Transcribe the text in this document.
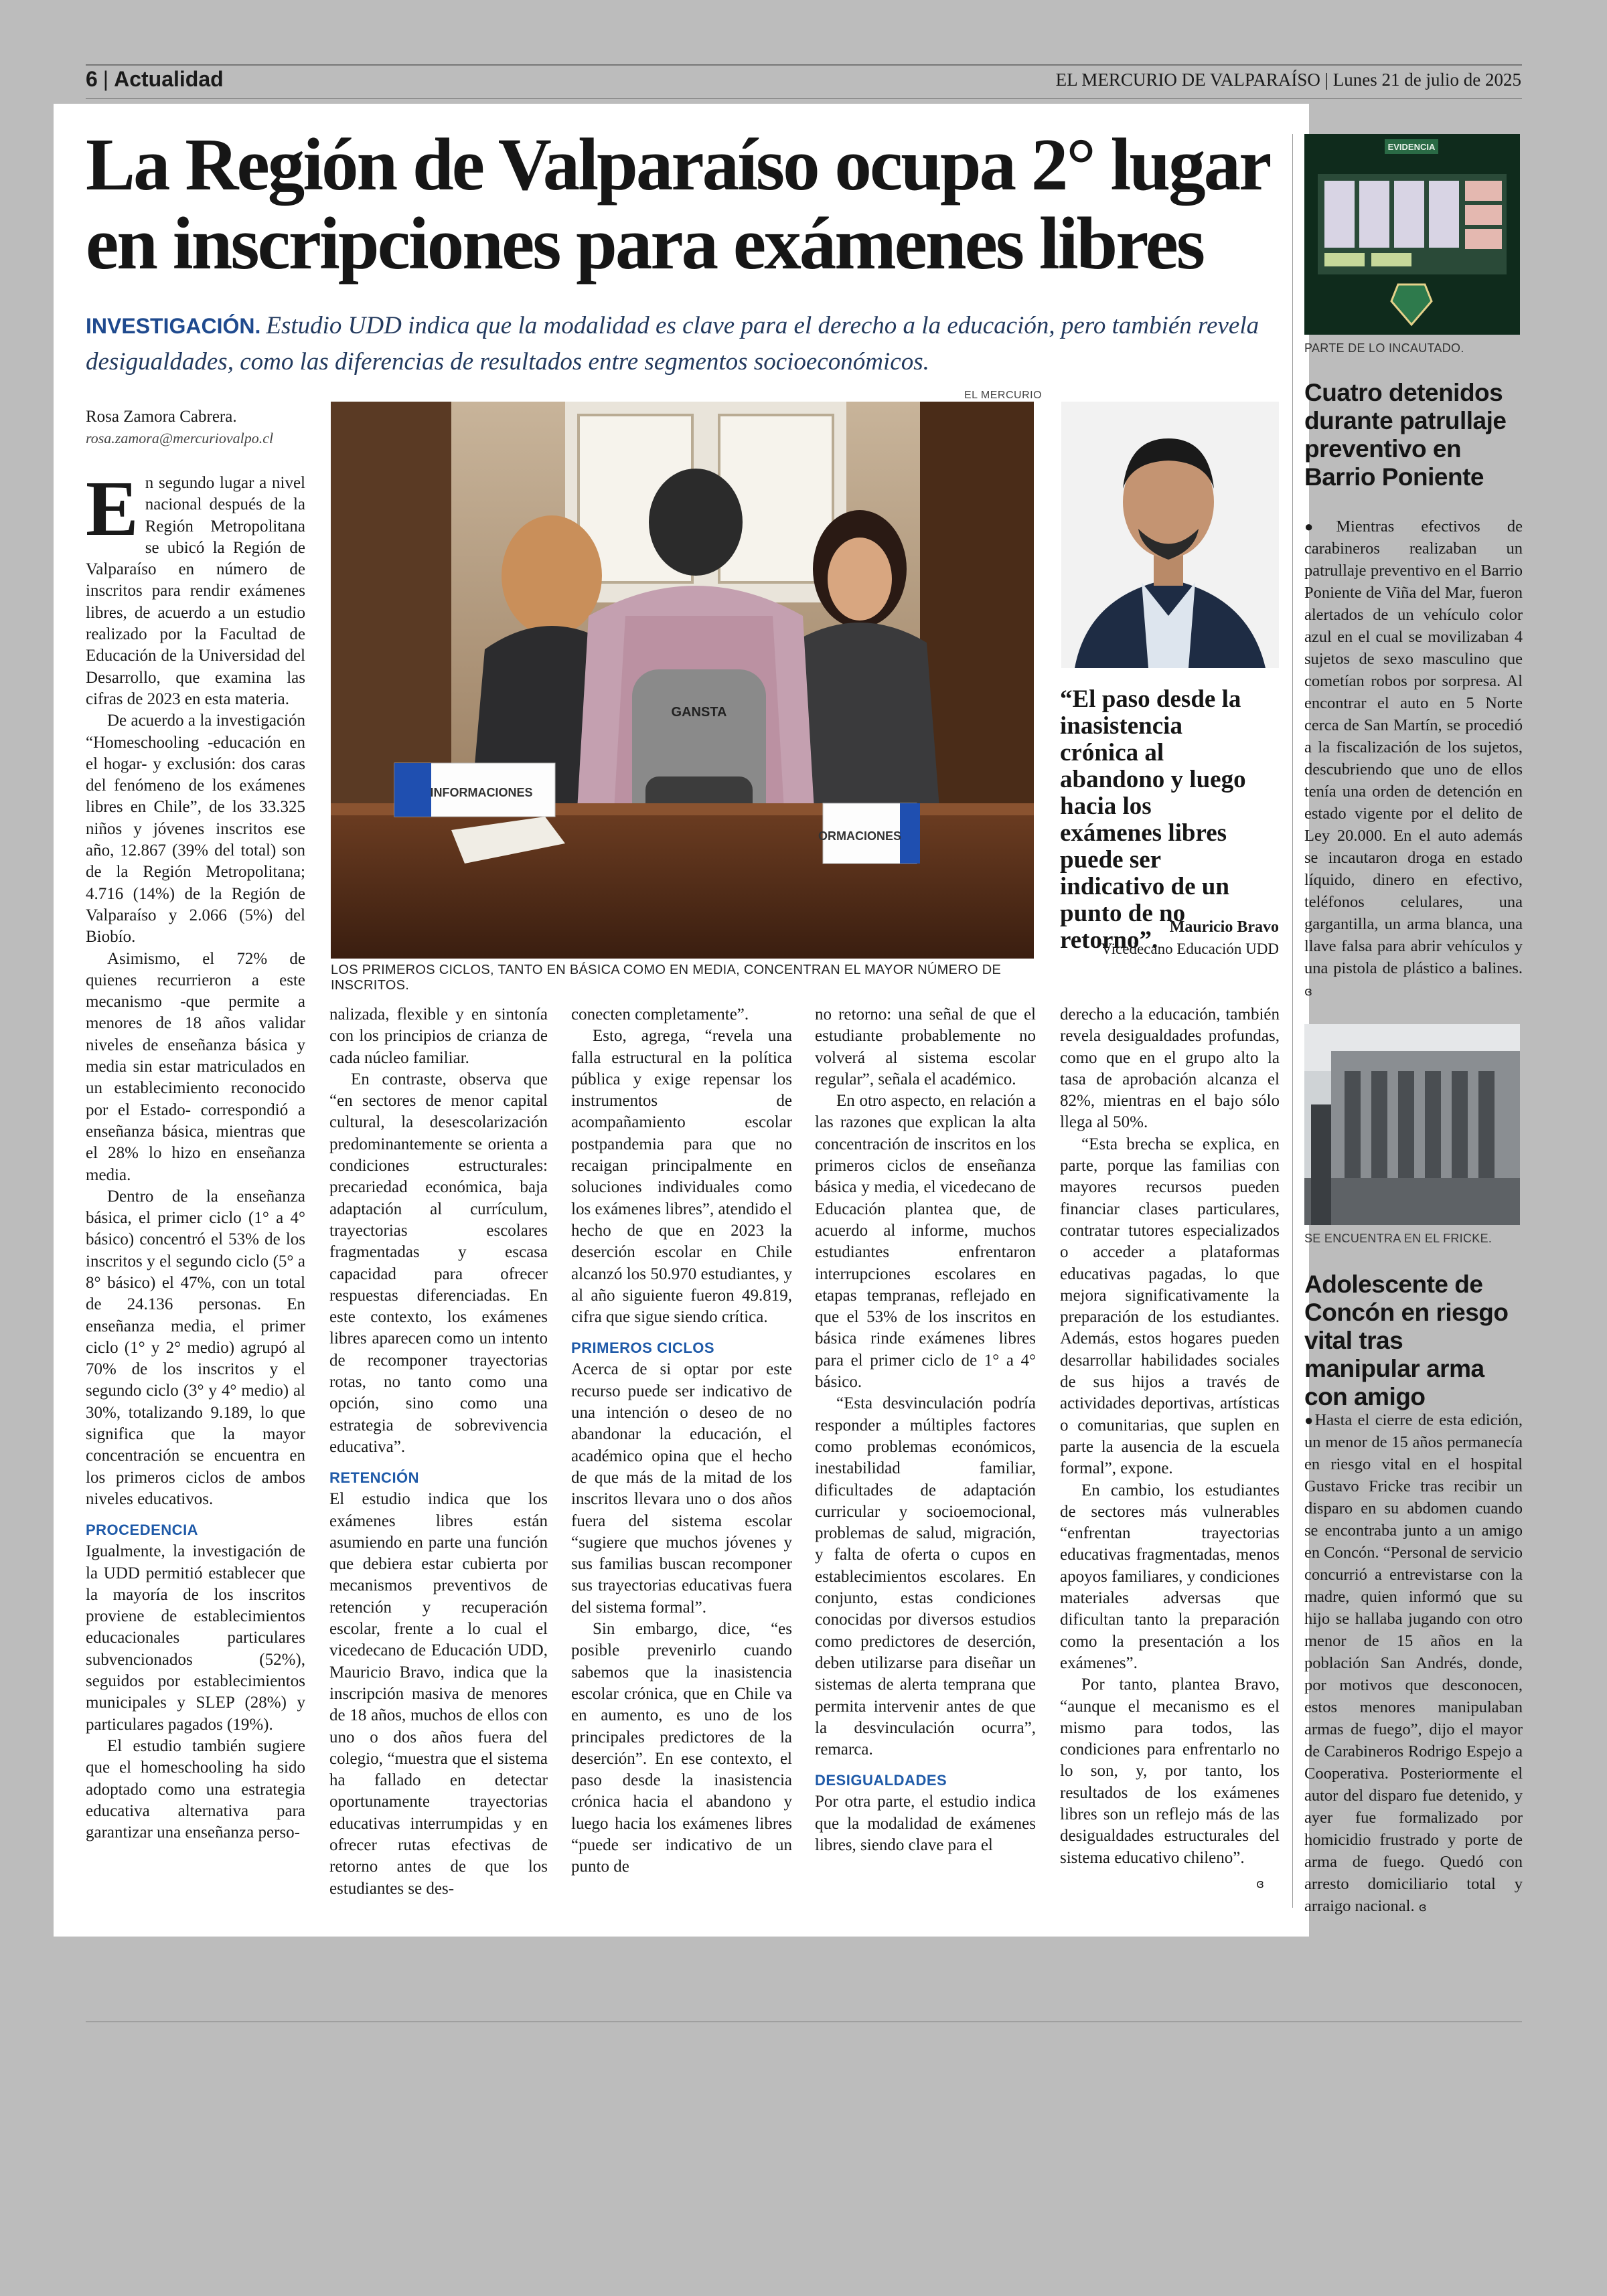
6 | Actualidad	EL MERCURIO DE VALPARAÍSO | Lunes 21 de julio de 2025
La Región de Valparaíso ocupa 2° lugar
en inscripciones para exámenes libres
INVESTIGACIÓN. Estudio UDD indica que la modalidad es clave para el derecho a la educación, pero también revela desigualdades, como las diferencias de resultados entre segmentos socioeconómicos.
Rosa Zamora Cabrera.
rosa.zamora@mercuriovalpo.cl
EL MERCURIO
GANSTA
INFORMACIONES
ORMACIONES
LOS PRIMEROS CICLOS, TANTO EN BÁSICA COMO EN MEDIA, CONCENTRAN EL MAYOR NÚMERO DE INSCRITOS.
“El paso desde la inasistencia crónica al abandono y luego hacia los exámenes libres puede ser indicativo de un punto de no retorno”. Mauricio Bravo
Vicedecano Educación UDD
E n segundo lugar a nivel nacional después de la Región Metropolitana se ubicó la Región de Valparaíso en número de inscritos para rendir exámenes libres, de acuerdo a un estudio realizado por la Facultad de Educación de la Universidad del Desarrollo, que examina las cifras de 2023 en esta materia.

De acuerdo a la investigación “Homeschooling -educación en el hogar- y exclusión: dos caras del fenómeno de los exámenes libres en Chile”, de los 33.325 niños y jóvenes inscritos ese año, 12.867 (39% del total) son de la Región Metropolitana; 4.716 (14%) de la Región de Valparaíso y 2.066 (5%) del Biobío.

Asimismo, el 72% de quienes recurrieron a este mecanismo -que permite a menores de 18 años validar niveles de enseñanza básica y media sin estar matriculados en un establecimiento reconocido por el Estado- correspondió a enseñanza básica, mientras que el 28% lo hizo en enseñanza media.

Dentro de la enseñanza básica, el primer ciclo (1° a 4° básico) concentró el 53% de los inscritos y el segundo ciclo (5° a 8° básico) el 47%, con un total de 24.136 personas. En enseñanza media, el primer ciclo (1° y 2° medio) agrupó al 70% de los inscritos y el segundo ciclo (3° y 4° medio) al 30%, totalizando 9.189, lo que significa que la mayor concentración se encuentra en los primeros ciclos de ambos niveles educativos.

PROCEDENCIA

Igualmente, la investigación de la UDD permitió establecer que la mayoría de los inscritos proviene de establecimientos educacionales particulares subvencionados (52%), seguidos por establecimientos municipales y SLEP (28%) y particulares pagados (19%).

El estudio también sugiere que el homeschooling ha sido adoptado como una estrategia educativa alternativa para garantizar una enseñanza perso-

nalizada, flexible y en sintonía con los principios de crianza de cada núcleo familiar.

En contraste, observa que “en sectores de menor capital cultural, la desescolarización predominantemente se orienta a condiciones estructurales: precariedad económica, baja adaptación al currículum, trayectorias escolares fragmentadas y escasa capacidad para ofrecer respuestas diferenciadas. En este contexto, los exámenes libres aparecen como un intento de recomponer trayectorias rotas, no tanto como una opción, sino como una estrategia de sobrevivencia educativa”.

RETENCIÓN

El estudio indica que los exámenes libres están asumiendo en parte una función que debiera estar cubierta por mecanismos preventivos de retención y recuperación escolar, frente a lo cual el vicedecano de Educación UDD, Mauricio Bravo, indica que la inscripción masiva de menores de 18 años, muchos de ellos con uno o dos años fuera del colegio, “muestra que el sistema ha fallado en detectar oportunamente trayectorias educativas interrumpidas y en ofrecer rutas efectivas de retorno antes de que los estudiantes se des-

conecten completamente”.

Esto, agrega, “revela una falla estructural en la política pública y exige repensar los instrumentos de acompañamiento escolar postpandemia para que no recaigan principalmente en soluciones individuales como los exámenes libres”, atendido el hecho de que en 2023 la deserción escolar en Chile alcanzó los 50.970 estudiantes, y al año siguiente fueron 49.819, cifra que sigue siendo crítica.

PRIMEROS CICLOS

Acerca de si optar por este recurso puede ser indicativo de una intención o deseo de no abandonar la educación, el académico opina que el hecho de que más de la mitad de los inscritos llevara uno o dos años fuera del sistema escolar “sugiere que muchos jóvenes y sus familias buscan recomponer sus trayectorias educativas fuera del sistema formal”.

Sin embargo, dice, “es posible prevenirlo cuando sabemos que la inasistencia escolar crónica, que en Chile va en aumento, es uno de los principales predictores de la deserción”. En ese contexto, el paso desde la inasistencia crónica hacia el abandono y luego hacia los exámenes libres “puede ser indicativo de un punto de

no retorno: una señal de que el estudiante probablemente no volverá al sistema escolar regular”, señala el académico.

En otro aspecto, en relación a las razones que explican la alta concentración de inscritos en los primeros ciclos de enseñanza básica y media, el vicedecano de Educación plantea que, de acuerdo al informe, muchos estudiantes enfrentaron interrupciones escolares en etapas tempranas, reflejado en que el 53% de los inscritos en básica rinde exámenes libres para el primer ciclo de 1° a 4° básico.

“Esta desvinculación podría responder a múltiples factores como problemas económicos, inestabilidad familiar, dificultades de adaptación curricular y socioemocional, problemas de salud, migración, y falta de oferta o cupos en establecimientos escolares. En conjunto, estas condiciones conocidas por diversos estudios como predictores de deserción, deben utilizarse para diseñar un sistemas de alerta temprana que permita intervenir antes de que la desvinculación ocurra”, remarca.

DESIGUALDADES

Por otra parte, el estudio indica que la modalidad de exámenes libres, siendo clave para el

derecho a la educación, también revela desigualdades profundas, como que en el grupo alto la tasa de aprobación alcanza el 82%, mientras en el bajo sólo llega al 50%.

“Esta brecha se explica, en parte, porque las familias con mayores recursos pueden financiar clases particulares, contratar tutores especializados o acceder a plataformas educativas pagadas, lo que mejora significativamente la preparación de los estudiantes. Además, estos hogares pueden desarrollar habilidades sociales de sus hijos a través de actividades deportivas, artísticas o comunitarias, que suplen en parte la ausencia de la escuela formal”, expone.

En cambio, los estudiantes de sectores más vulnerables “enfrentan trayectorias educativas fragmentadas, menos apoyos familiares, y condiciones materiales adversas que dificultan tanto la preparación como la presentación a los exámenes”.

Por tanto, plantea Bravo, “aunque el mecanismo es el mismo para todos, las condiciones para enfrentarlo no lo son, y, por tanto, los resultados de los exámenes libres son un reflejo más de las desigualdades estructurales del sistema educativo chileno”.

ɞ
EVIDENCIA
PARTE DE LO INCAUTADO.
Cuatro detenidos durante patrullaje preventivo en Barrio Poniente
●Mientras efectivos de carabineros realizaban un patrullaje preventivo en el Barrio Poniente de Viña del Mar, fueron alertados de un vehículo color azul en el cual se movilizaban 4 sujetos de sexo masculino que cometían robos por sorpresa. Al encontrar el auto en 5 Norte cerca de San Martín, se procedió a la fiscalización de los sujetos, descubriendo que uno de ellos tenía una orden de detención en estado vigente por el delito de Ley 20.000. En el auto además se incautaron droga en estado líquido, dinero en efectivo, teléfonos celulares, una gargantilla, un arma blanca, una llave falsa para abrir vehículos y una pistola de plástico a balines. ɞ
SE ENCUENTRA EN EL FRICKE.
Adolescente de Concón en riesgo vital tras manipular arma con amigo
●Hasta el cierre de esta edición, un menor de 15 años permanecía en riesgo vital en el hospital Gustavo Fricke tras recibir un disparo en su abdomen cuando se encontraba junto a un amigo en Concón. “Personal de servicio concurrió a entrevistarse con la madre, quien informó que su hijo se hallaba jugando con otro menor de 15 años en la población San Andrés, donde, por motivos que desconocen, estos menores manipulaban armas de fuego”, dijo el mayor de Carabineros Rodrigo Espejo a Cooperativa. Posteriormente el autor del disparo fue detenido, y ayer fue formalizado por homicidio frustrado y porte de arma de fuego. Quedó con arresto domiciliario total y arraigo nacional. ɞ
